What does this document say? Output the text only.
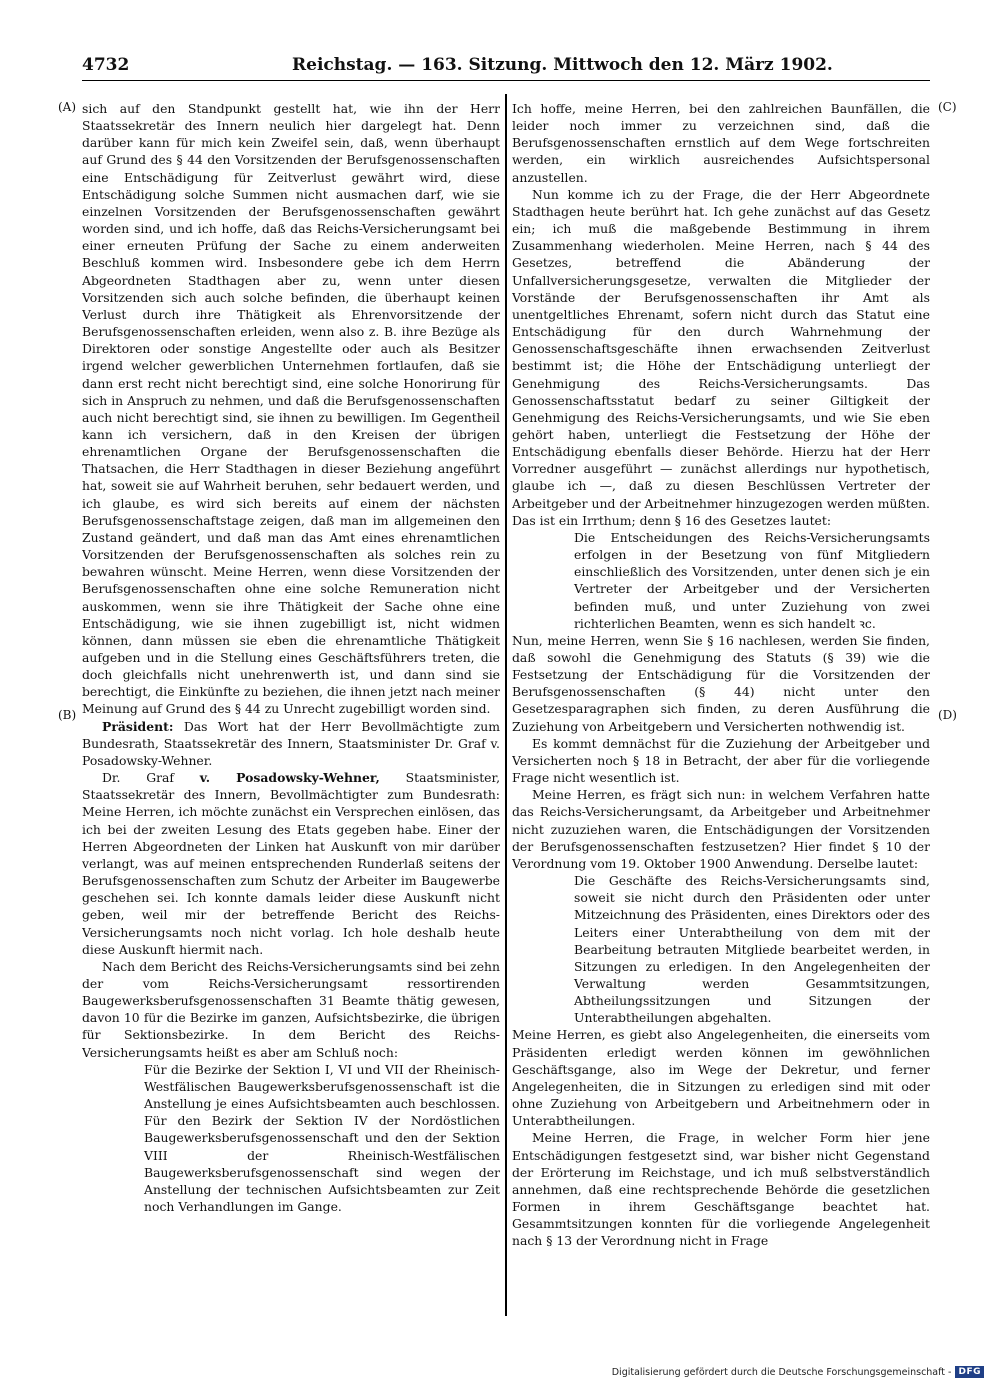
4732	Reichstag. — 163. Sitzung. Mittwoch den 12. März 1902.
(A)
(B)
(C)
(D)

sich auf den Standpunkt gestellt hat, wie ihn der Herr Staatssekretär des Innern neulich hier dargelegt hat. Denn darüber kann für mich kein Zweifel sein, daß, wenn überhaupt auf Grund des § 44 den Vorsitzenden der Berufsgenossenschaften eine Entschädigung für Zeitverlust gewährt wird, diese Entschädigung solche Summen nicht ausmachen darf, wie sie einzelnen Vorsitzenden der Berufsgenossenschaften gewährt worden sind, und ich hoffe, daß das Reichs-Versicherungsamt bei einer erneuten Prüfung der Sache zu einem anderweiten Beschluß kommen wird. Insbesondere gebe ich dem Herrn Abgeordneten Stadthagen aber zu, wenn unter diesen Vorsitzenden sich auch solche befinden, die überhaupt keinen Verlust durch ihre Thätigkeit als Ehrenvorsitzende der Berufsgenossenschaften erleiden, wenn also z. B. ihre Bezüge als Direktoren oder sonstige Angestellte oder auch als Besitzer irgend welcher gewerblichen Unternehmen fortlaufen, daß sie dann erst recht nicht berechtigt sind, eine solche Honorirung für sich in Anspruch zu nehmen, und daß die Berufsgenossenschaften auch nicht berechtigt sind, sie ihnen zu bewilligen. Im Gegentheil kann ich versichern, daß in den Kreisen der übrigen ehrenamtlichen Organe der Berufsgenossenschaften die Thatsachen, die Herr Stadthagen in dieser Beziehung angeführt hat, soweit sie auf Wahrheit beruhen, sehr bedauert werden, und ich glaube, es wird sich bereits auf einem der nächsten Berufsgenossenschaftstage zeigen, daß man im allgemeinen den Zustand geändert, und daß man das Amt eines ehrenamtlichen Vorsitzenden der Berufsgenossenschaften als solches rein zu bewahren wünscht. Meine Herren, wenn diese Vorsitzenden der Berufsgenossenschaften ohne eine solche Remuneration nicht auskommen, wenn sie ihre Thätigkeit der Sache ohne eine Entschädigung, wie sie ihnen zugebilligt ist, nicht widmen können, dann müssen sie eben die ehrenamtliche Thätigkeit aufgeben und in die Stellung eines Geschäftsführers treten, die doch gleichfalls nicht unehrenwerth ist, und dann sind sie berechtigt, die Einkünfte zu beziehen, die ihnen jetzt nach meiner Meinung auf Grund des § 44 zu Unrecht zugebilligt worden sind.

Präsident: Das Wort hat der Herr Bevollmächtigte zum Bundesrath, Staatssekretär des Innern, Staatsminister Dr. Graf v. Posadowsky-Wehner.

Dr. Graf v. Posadowsky-Wehner, Staatsminister, Staatssekretär des Innern, Bevollmächtigter zum Bundesrath: Meine Herren, ich möchte zunächst ein Versprechen einlösen, das ich bei der zweiten Lesung des Etats gegeben habe. Einer der Herren Abgeordneten der Linken hat Auskunft von mir darüber verlangt, was auf meinen entsprechenden Runderlaß seitens der Berufsgenossenschaften zum Schutz der Arbeiter im Baugewerbe geschehen sei. Ich konnte damals leider diese Auskunft nicht geben, weil mir der betreffende Bericht des Reichs-Versicherungsamts noch nicht vorlag. Ich hole deshalb heute diese Auskunft hiermit nach.

Nach dem Bericht des Reichs-Versicherungsamts sind bei zehn der vom Reichs-Versicherungsamt ressortirenden Baugewerksberufsgenossenschaften 31 Beamte thätig gewesen, davon 10 für die Bezirke im ganzen, Aufsichtsbezirke, die übrigen für Sektionsbezirke. In dem Bericht des Reichs-Versicherungsamts heißt es aber am Schluß noch:

Für die Bezirke der Sektion I, VI und VII der Rheinisch-Westfälischen Baugewerksberufsgenossenschaft ist die Anstellung je eines Aufsichtsbeamten auch beschlossen. Für den Bezirk der Sektion IV der Nordöstlichen Baugewerksberufsgenossenschaft und den der Sektion VIII der Rheinisch-Westfälischen Baugewerksberufsgenossenschaft sind wegen der Anstellung der technischen Aufsichtsbeamten zur Zeit noch Verhandlungen im Gange.

Ich hoffe, meine Herren, bei den zahlreichen Baunfällen, die leider noch immer zu verzeichnen sind, daß die Berufsgenossenschaften ernstlich auf dem Wege fortschreiten werden, ein wirklich ausreichendes Aufsichtspersonal anzustellen.

Nun komme ich zu der Frage, die der Herr Abgeordnete Stadthagen heute berührt hat. Ich gehe zunächst auf das Gesetz ein; ich muß die maßgebende Bestimmung in ihrem Zusammenhang wiederholen. Meine Herren, nach § 44 des Gesetzes, betreffend die Abänderung der Unfallversicherungsgesetze, verwalten die Mitglieder der Vorstände der Berufsgenossenschaften ihr Amt als unentgeltliches Ehrenamt, sofern nicht durch das Statut eine Entschädigung für den durch Wahrnehmung der Genossenschaftsgeschäfte ihnen erwachsenden Zeitverlust bestimmt ist; die Höhe der Entschädigung unterliegt der Genehmigung des Reichs-Versicherungsamts. Das Genossenschaftsstatut bedarf zu seiner Giltigkeit der Genehmigung des Reichs-Versicherungsamts, und wie Sie eben gehört haben, unterliegt die Festsetzung der Höhe der Entschädigung ebenfalls dieser Behörde. Hierzu hat der Herr Vorredner ausgeführt — zunächst allerdings nur hypothetisch, glaube ich —, daß zu diesen Beschlüssen Vertreter der Arbeitgeber und der Arbeitnehmer hinzugezogen werden müßten. Das ist ein Irrthum; denn § 16 des Gesetzes lautet:

Die Entscheidungen des Reichs-Versicherungsamts erfolgen in der Besetzung von fünf Mitgliedern einschließlich des Vorsitzenden, unter denen sich je ein Vertreter der Arbeitgeber und der Versicherten befinden muß, und unter Zuziehung von zwei richterlichen Beamten, wenn es sich handelt ꝛc.

Nun, meine Herren, wenn Sie § 16 nachlesen, werden Sie finden, daß sowohl die Genehmigung des Statuts (§ 39) wie die Festsetzung der Entschädigung für die Vorsitzenden der Berufsgenossenschaften (§ 44) nicht unter den Gesetzesparagraphen sich finden, zu deren Ausführung die Zuziehung von Arbeitgebern und Versicherten nothwendig ist.

Es kommt demnächst für die Zuziehung der Arbeitgeber und Versicherten noch § 18 in Betracht, der aber für die vorliegende Frage nicht wesentlich ist.

Meine Herren, es frägt sich nun: in welchem Verfahren hatte das Reichs-Versicherungsamt, da Arbeitgeber und Arbeitnehmer nicht zuzuziehen waren, die Entschädigungen der Vorsitzenden der Berufsgenossenschaften festzusetzen? Hier findet § 10 der Verordnung vom 19. Oktober 1900 Anwendung. Derselbe lautet:

Die Geschäfte des Reichs-Versicherungsamts sind, soweit sie nicht durch den Präsidenten oder unter Mitzeichnung des Präsidenten, eines Direktors oder des Leiters einer Unterabtheilung von dem mit der Bearbeitung betrauten Mitgliede bearbeitet werden, in Sitzungen zu erledigen. In den Angelegenheiten der Verwaltung werden Gesammtsitzungen, Abtheilungssitzungen und Sitzungen der Unterabtheilungen abgehalten.

Meine Herren, es giebt also Angelegenheiten, die einerseits vom Präsidenten erledigt werden können im gewöhnlichen Geschäftsgange, also im Wege der Dekretur, und ferner Angelegenheiten, die in Sitzungen zu erledigen sind mit oder ohne Zuziehung von Arbeitgebern und Arbeitnehmern oder in Unterabtheilungen.

Meine Herren, die Frage, in welcher Form hier jene Entschädigungen festgesetzt sind, war bisher nicht Gegenstand der Erörterung im Reichstage, und ich muß selbstverständlich annehmen, daß eine rechtsprechende Behörde die gesetzlichen Formen in ihrem Geschäftsgange beachtet hat. Gesammtsitzungen konnten für die vorliegende Angelegenheit nach § 13 der Verordnung nicht in Frage

Digitalisierung gefördert durch die Deutsche Forschungsgemeinschaft - DFG
